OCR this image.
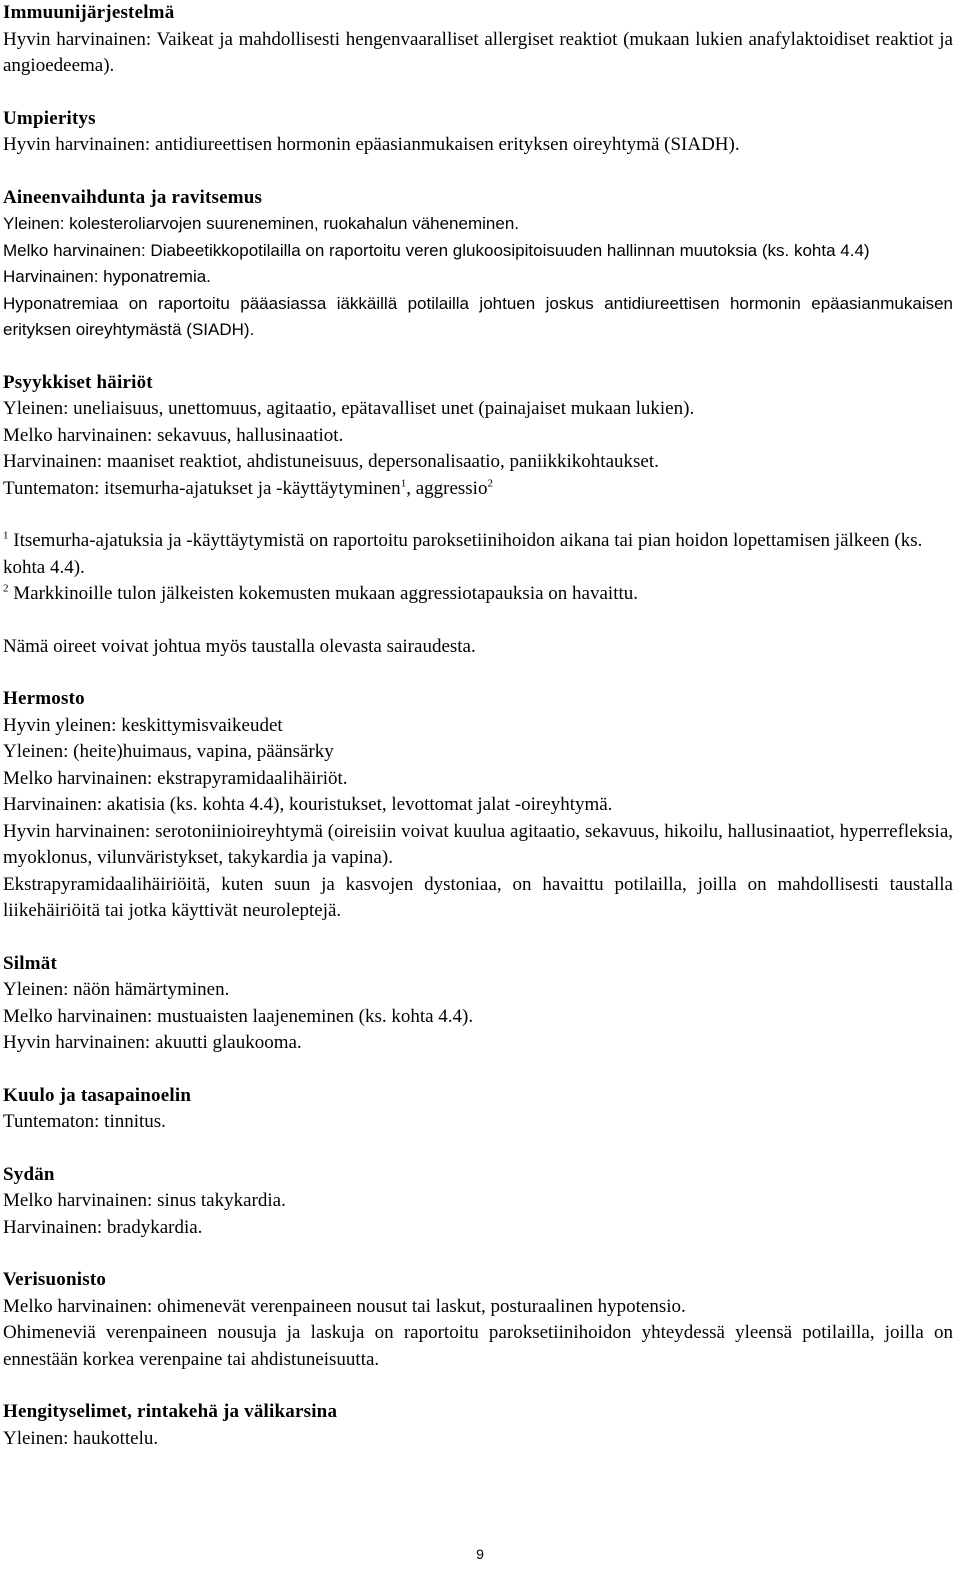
Immuunijärjestelmä
Hyvin harvinainen: Vaikeat ja mahdollisesti hengenvaaralliset allergiset reaktiot (mukaan lukien anafylaktoidiset reaktiot ja angioedeema).
Umpieritys
Hyvin harvinainen: antidiureettisen hormonin epäasianmukaisen erityksen oireyhtymä (SIADH).
Aineenvaihdunta ja ravitsemus
Yleinen: kolesteroliarvojen suureneminen, ruokahalun väheneminen.
Melko harvinainen: Diabeetikkopotilailla on raportoitu veren glukoosipitoisuuden hallinnan muutoksia (ks. kohta 4.4)
Harvinainen: hyponatremia.
Hyponatremiaa on raportoitu pääasiassa iäkkäillä potilailla johtuen joskus antidiureettisen hormonin epäasianmukaisen erityksen oireyhtymästä (SIADH).
Psyykkiset häiriöt
Yleinen: uneliaisuus, unettomuus, agitaatio, epätavalliset unet (painajaiset mukaan lukien).
Melko harvinainen: sekavuus, hallusinaatiot.
Harvinainen: maaniset reaktiot, ahdistuneisuus, depersonalisaatio, paniikkikohtaukset.
Tuntematon: itsemurha-ajatukset ja -käyttäytyminen$^1$, aggressio$^2$
$^1$ Itsemurha-ajatuksia ja -käyttäytymistä on raportoitu paroksetiinihoidon aikana tai pian hoidon lopettamisen jälkeen (ks. kohta 4.4).
$^2$ Markkinoille tulon jälkeisten kokemusten mukaan aggressiotapauksia on havaittu.
Nämä oireet voivat johtua myös taustalla olevasta sairaudesta.
Hermosto
Hyvin yleinen: keskittymisvaikeudet
Yleinen: (heite)huimaus, vapina, päänsärky
Melko harvinainen: ekstrapyramidaalihäiriöt.
Harvinainen: akatisia (ks. kohta 4.4), kouristukset, levottomat jalat -oireyhtymä.
Hyvin harvinainen: serotoniinioireyhtymä (oireisiin voivat kuulua agitaatio, sekavuus, hikoilu, hallusinaatiot, hyperrefleksia, myoklonus, vilunväristykset, takykardia ja vapina).
Ekstrapyramidaalihäiriöitä, kuten suun ja kasvojen dystoniaa, on havaittu potilailla, joilla on mahdollisesti taustalla liikehäiriöitä tai jotka käyttivät neuroleptejä.
Silmät
Yleinen: näön hämärtyminen.
Melko harvinainen: mustuaisten laajeneminen (ks. kohta 4.4).
Hyvin harvinainen: akuutti glaukooma.
Kuulo ja tasapainoelin
Tuntematon: tinnitus.
Sydän
Melko harvinainen: sinus takykardia.
Harvinainen: bradykardia.
Verisuonisto
Melko harvinainen: ohimenevät verenpaineen nousut tai laskut, posturaalinen hypotensio.
Ohimeneviä verenpaineen nousuja ja laskuja on raportoitu paroksetiinihoidon yhteydessä yleensä potilailla, joilla on ennestään korkea verenpaine tai ahdistuneisuutta.
Hengityselimet, rintakehä ja välikarsina
Yleinen: haukottelu.
9
